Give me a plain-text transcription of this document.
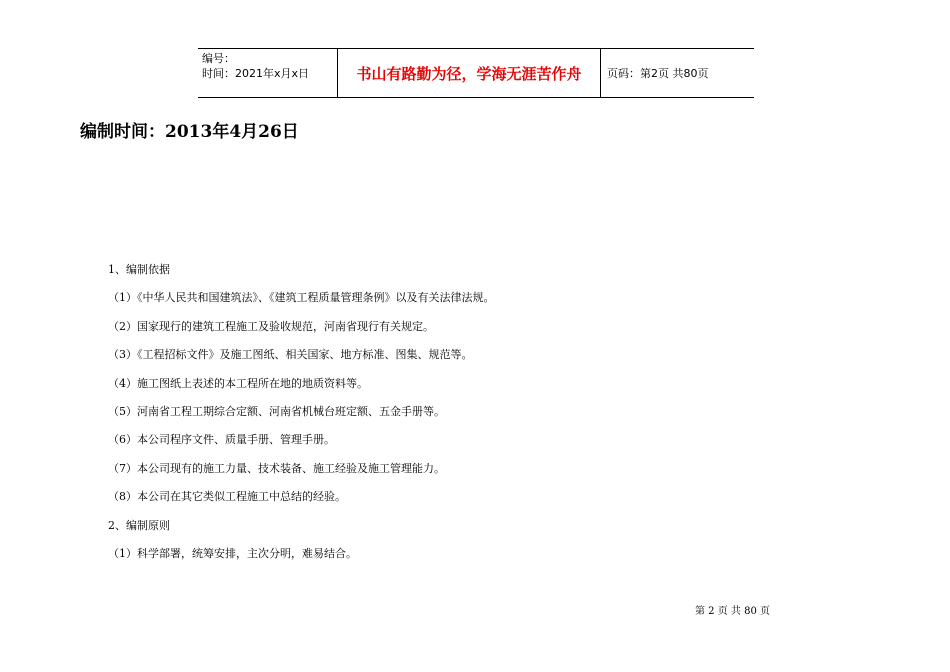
编号：
时间：2021年x月x日	书山有路勤为径，学海无涯苦作舟	页码：第2页 共80页
编制时间：2013年4月26日
1、编制依据
（1）《中华人民共和国建筑法》、《建筑工程质量管理条例》以及有关法律法规。
（2）国家现行的建筑工程施工及验收规范，河南省现行有关规定。
（3）《工程招标文件》及施工图纸、相关国家、地方标准、图集、规范等。
（4）施工图纸上表述的本工程所在地的地质资料等。
（5）河南省工程工期综合定额、河南省机械台班定额、五金手册等。
（6）本公司程序文件、质量手册、管理手册。
（7）本公司现有的施工力量、技术装备、施工经验及施工管理能力。
（8）本公司在其它类似工程施工中总结的经验。
2、编制原则
（1）科学部署，统筹安排，主次分明，难易结合。
第 2 页 共 80 页
